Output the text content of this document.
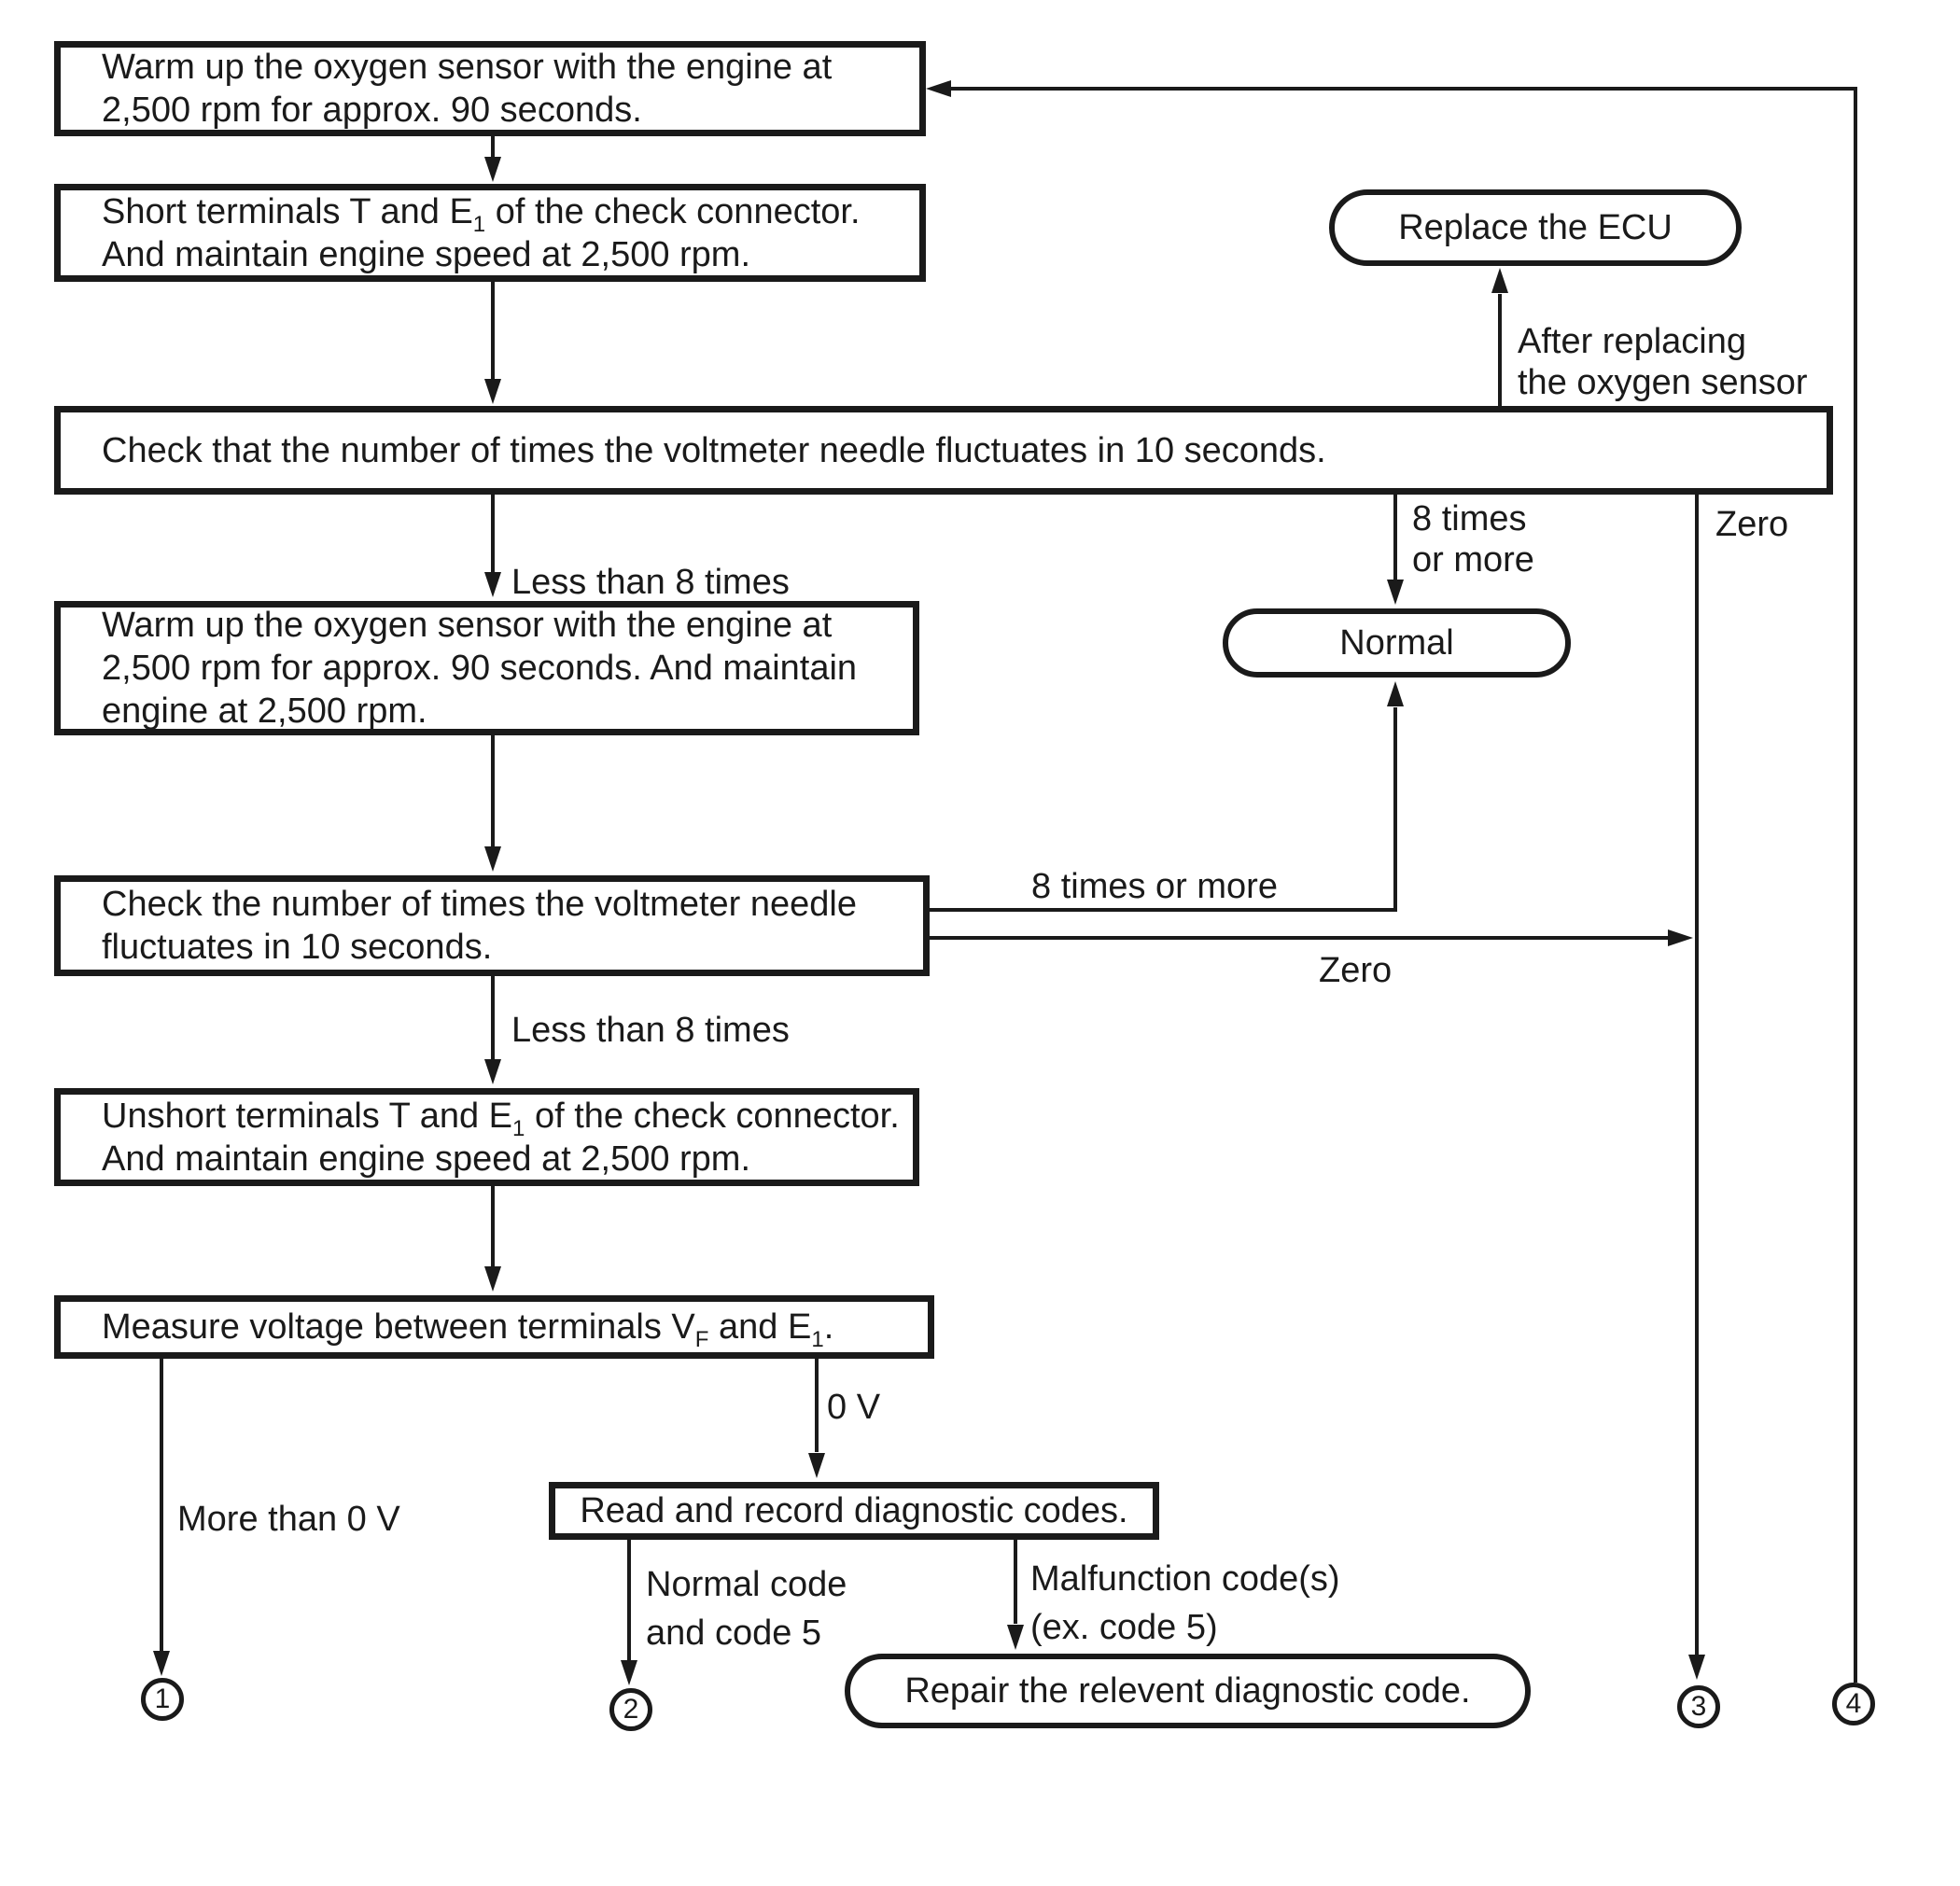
Warm up the oxygen sensor with the engine at
2,500 rpm for approx. 90 seconds.
Short terminals T and $E_1$ of the check connector.
And maintain engine speed at 2,500 rpm.
Check that the number of times the voltmeter needle fluctuates in 10 seconds.
Warm up the oxygen sensor with the engine at
2,500 rpm for approx. 90 seconds. And maintain
engine at 2,500 rpm.
Check the number of times the voltmeter needle
fluctuates in 10 seconds.
Unshort terminals T and $E_1$ of the check connector.
And maintain engine speed at 2,500 rpm.
Measure voltage between terminals $V_F$ and $E_1$.
Read and record diagnostic codes.
Replace the ECU
Normal
Repair the relevent diagnostic code.
After replacing
the oxygen sensor
Less than 8 times
8 times
or more
Zero
8 times or more
Zero
Less than 8 times
More than 0 V
0 V
Normal code
and code 5
Malfunction code(s)
(ex. code 5)
1	2	3	4
